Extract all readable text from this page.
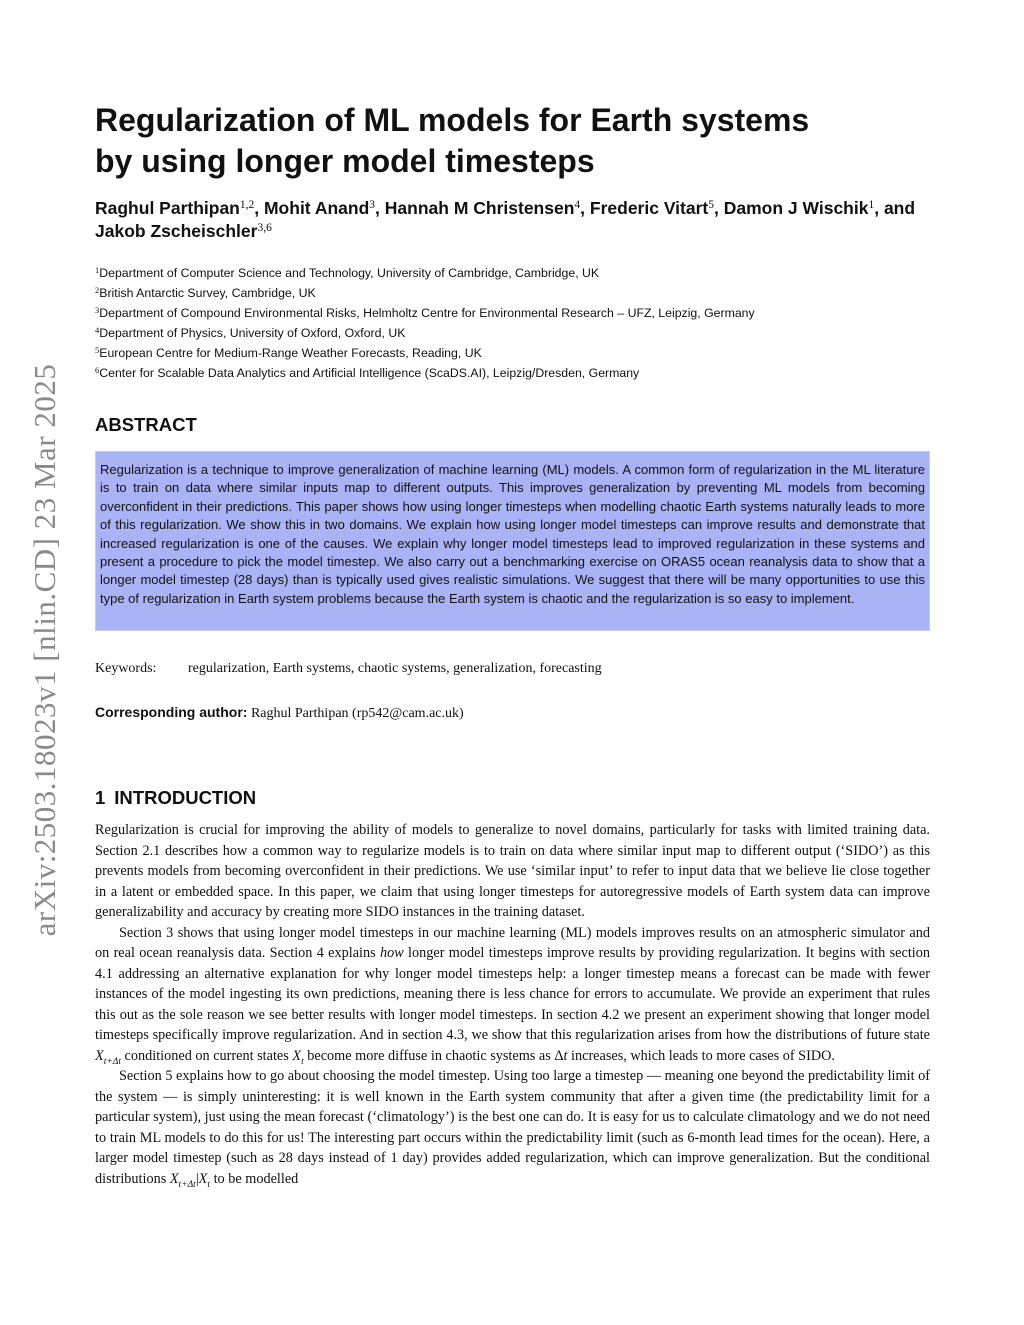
arXiv:2503.18023v1 [nlin.CD] 23 Mar 2025
Regularization of ML models for Earth systems
by using longer model timesteps
Raghul Parthipan$^{1,2}$, Mohit Anand$^3$, Hannah M Christensen$^4$, Frederic Vitart$^5$, Damon J Wischik$^1$, and Jakob Zscheischler$^{3,6}$
$^1$Department of Computer Science and Technology, University of Cambridge, Cambridge, UK
$^2$British Antarctic Survey, Cambridge, UK
$^3$Department of Compound Environmental Risks, Helmholtz Centre for Environmental Research – UFZ, Leipzig, Germany
$^4$Department of Physics, University of Oxford, Oxford, UK
$^5$European Centre for Medium-Range Weather Forecasts, Reading, UK
$^6$Center for Scalable Data Analytics and Artificial Intelligence (ScaDS.AI), Leipzig/Dresden, Germany
ABSTRACT
Regularization is a technique to improve generalization of machine learning (ML) models. A common form of regularization in the ML literature is to train on data where similar inputs map to different outputs. This improves generalization by preventing ML models from becoming overconfident in their predictions. This paper shows how using longer timesteps when modelling chaotic Earth systems naturally leads to more of this regularization. We show this in two domains. We explain how using longer model timesteps can improve results and demonstrate that increased regularization is one of the causes. We explain why longer model timesteps lead to improved regularization in these systems and present a procedure to pick the model timestep. We also carry out a benchmarking exercise on ORAS5 ocean reanalysis data to show that a longer model timestep (28 days) than is typically used gives realistic simulations. We suggest that there will be many opportunities to use this type of regularization in Earth system problems because the Earth system is chaotic and the regularization is so easy to implement.
Keywords: regularization, Earth systems, chaotic systems, generalization, forecasting
Corresponding author: Raghul Parthipan (rp542@cam.ac.uk)
1 INTRODUCTION

Regularization is crucial for improving the ability of models to generalize to novel domains, particularly for tasks with limited training data. Section 2.1 describes how a common way to regularize models is to train on data where similar input map to different output (‘SIDO’) as this prevents models from becoming overconfident in their predictions. We use ‘similar input’ to refer to input data that we believe lie close together in a latent or embedded space. In this paper, we claim that using longer timesteps for autoregressive models of Earth system data can improve generalizability and accuracy by creating more SIDO instances in the training dataset.

Section 3 shows that using longer model timesteps in our machine learning (ML) models improves results on an atmospheric simulator and on real ocean reanalysis data. Section 4 explains how longer model timesteps improve results by providing regularization. It begins with section 4.1 addressing an alternative explanation for why longer model timesteps help: a longer timestep means a forecast can be made with fewer instances of the model ingesting its own predictions, meaning there is less chance for errors to accumulate. We provide an experiment that rules this out as the sole reason we see better results with longer model timesteps. In section 4.2 we present an experiment showing that longer model timesteps specifically improve regularization. And in section 4.3, we show that this regularization arises from how the distributions of future state $X_{t+\Delta t}$ conditioned on current states $X_t$ become more diffuse in chaotic systems as Δt increases, which leads to more cases of SIDO.

Section 5 explains how to go about choosing the model timestep. Using too large a timestep — meaning one beyond the predictability limit of the system — is simply uninteresting: it is well known in the Earth system community that after a given time (the predictability limit for a particular system), just using the mean forecast (‘climatology’) is the best one can do. It is easy for us to calculate climatology and we do not need to train ML models to do this for us! The interesting part occurs within the predictability limit (such as 6-month lead times for the ocean). Here, a larger model timestep (such as 28 days instead of 1 day) provides added regularization, which can improve generalization. But the conditional distributions $X_{t+\Delta t}|X_t$ to be modelled
